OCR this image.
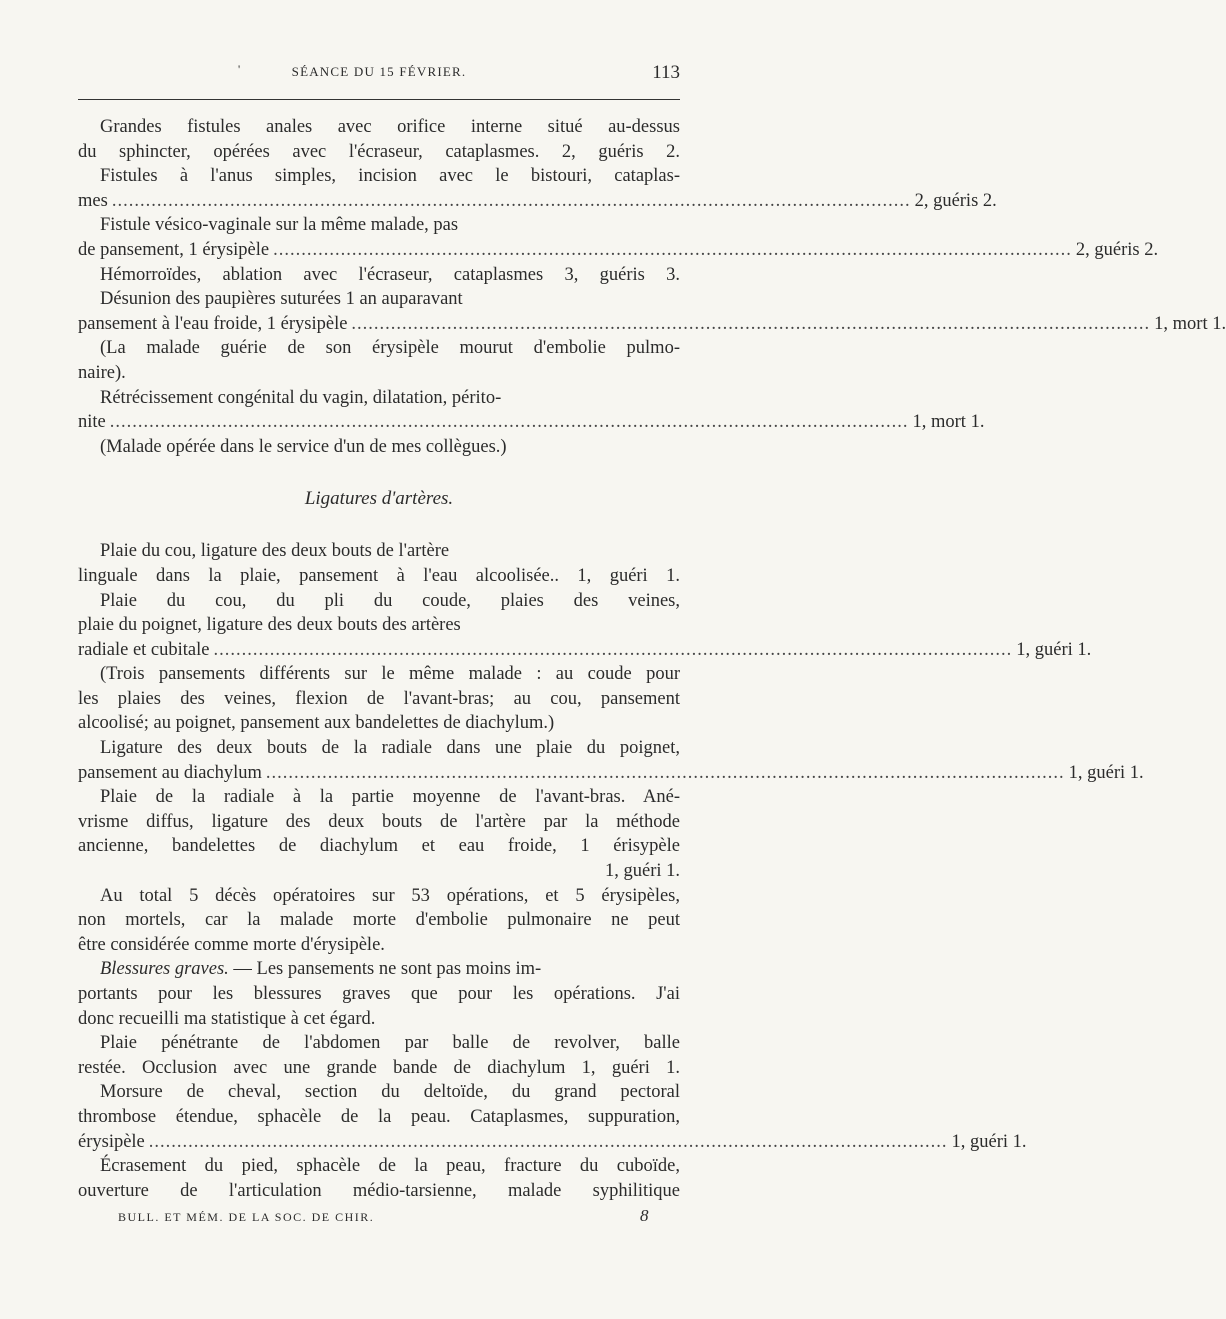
'	SÉANCE DU 15 FÉVRIER.	113
Grandes fistules anales avec orifice interne situé au-dessus
du sphincter, opérées avec l'écraseur, cataplasmes. 2, guéris 2.
Fistules à l'anus simples, incision avec le bistouri, cataplas-
mes .....	2, guéris 2.
Fistule vésico-vaginale sur la même malade, pas
de pansement, 1 érysipèle .....	2, guéris 2.
Hémorroïdes, ablation avec l'écraseur, cataplasmes 3, guéris 3.
Désunion des paupières suturées 1 an auparavant
pansement à l'eau froide, 1 érysipèle .....	1, mort 1.
(La malade guérie de son érysipèle mourut d'embolie pulmo-
naire).
Rétrécissement congénital du vagin, dilatation, périto-
nite .....	1, mort 1.
(Malade opérée dans le service d'un de mes collègues.)
Ligatures d'artères.
Plaie du cou, ligature des deux bouts de l'artère
linguale dans la plaie, pansement à l'eau alcoolisée.. 1, guéri 1.
Plaie du cou, du pli du coude, plaies des veines,
plaie du poignet, ligature des deux bouts des artères
radiale et cubitale .....	1, guéri 1.
(Trois pansements différents sur le même malade : au coude pour
les plaies des veines, flexion de l'avant-bras; au cou, pansement
alcoolisé; au poignet, pansement aux bandelettes de diachylum.)
Ligature des deux bouts de la radiale dans une plaie du poignet,
pansement au diachylum .....	1, guéri 1.
Plaie de la radiale à la partie moyenne de l'avant-bras. Ané-
vrisme diffus, ligature des deux bouts de l'artère par la méthode
ancienne, bandelettes de diachylum et eau froide, 1 érisypèle
1, guéri 1.
Au total 5 décès opératoires sur 53 opérations, et 5 érysipèles,
non mortels, car la malade morte d'embolie pulmonaire ne peut
être considérée comme morte d'érysipèle.
Blessures graves. — Les pansements ne sont pas moins im-
portants pour les blessures graves que pour les opérations. J'ai
donc recueilli ma statistique à cet égard.
Plaie pénétrante de l'abdomen par balle de revolver, balle
restée. Occlusion avec une grande bande de diachylum 1, guéri 1.
Morsure de cheval, section du deltoïde, du grand pectoral
thrombose étendue, sphacèle de la peau. Cataplasmes, suppuration,
érysipèle .....	1, guéri 1.
Écrasement du pied, sphacèle de la peau, fracture du cuboïde,
ouverture de l'articulation médio-tarsienne, malade syphilitique
BULL. ET MÉM. DE LA SOC. DE CHIR.	8
